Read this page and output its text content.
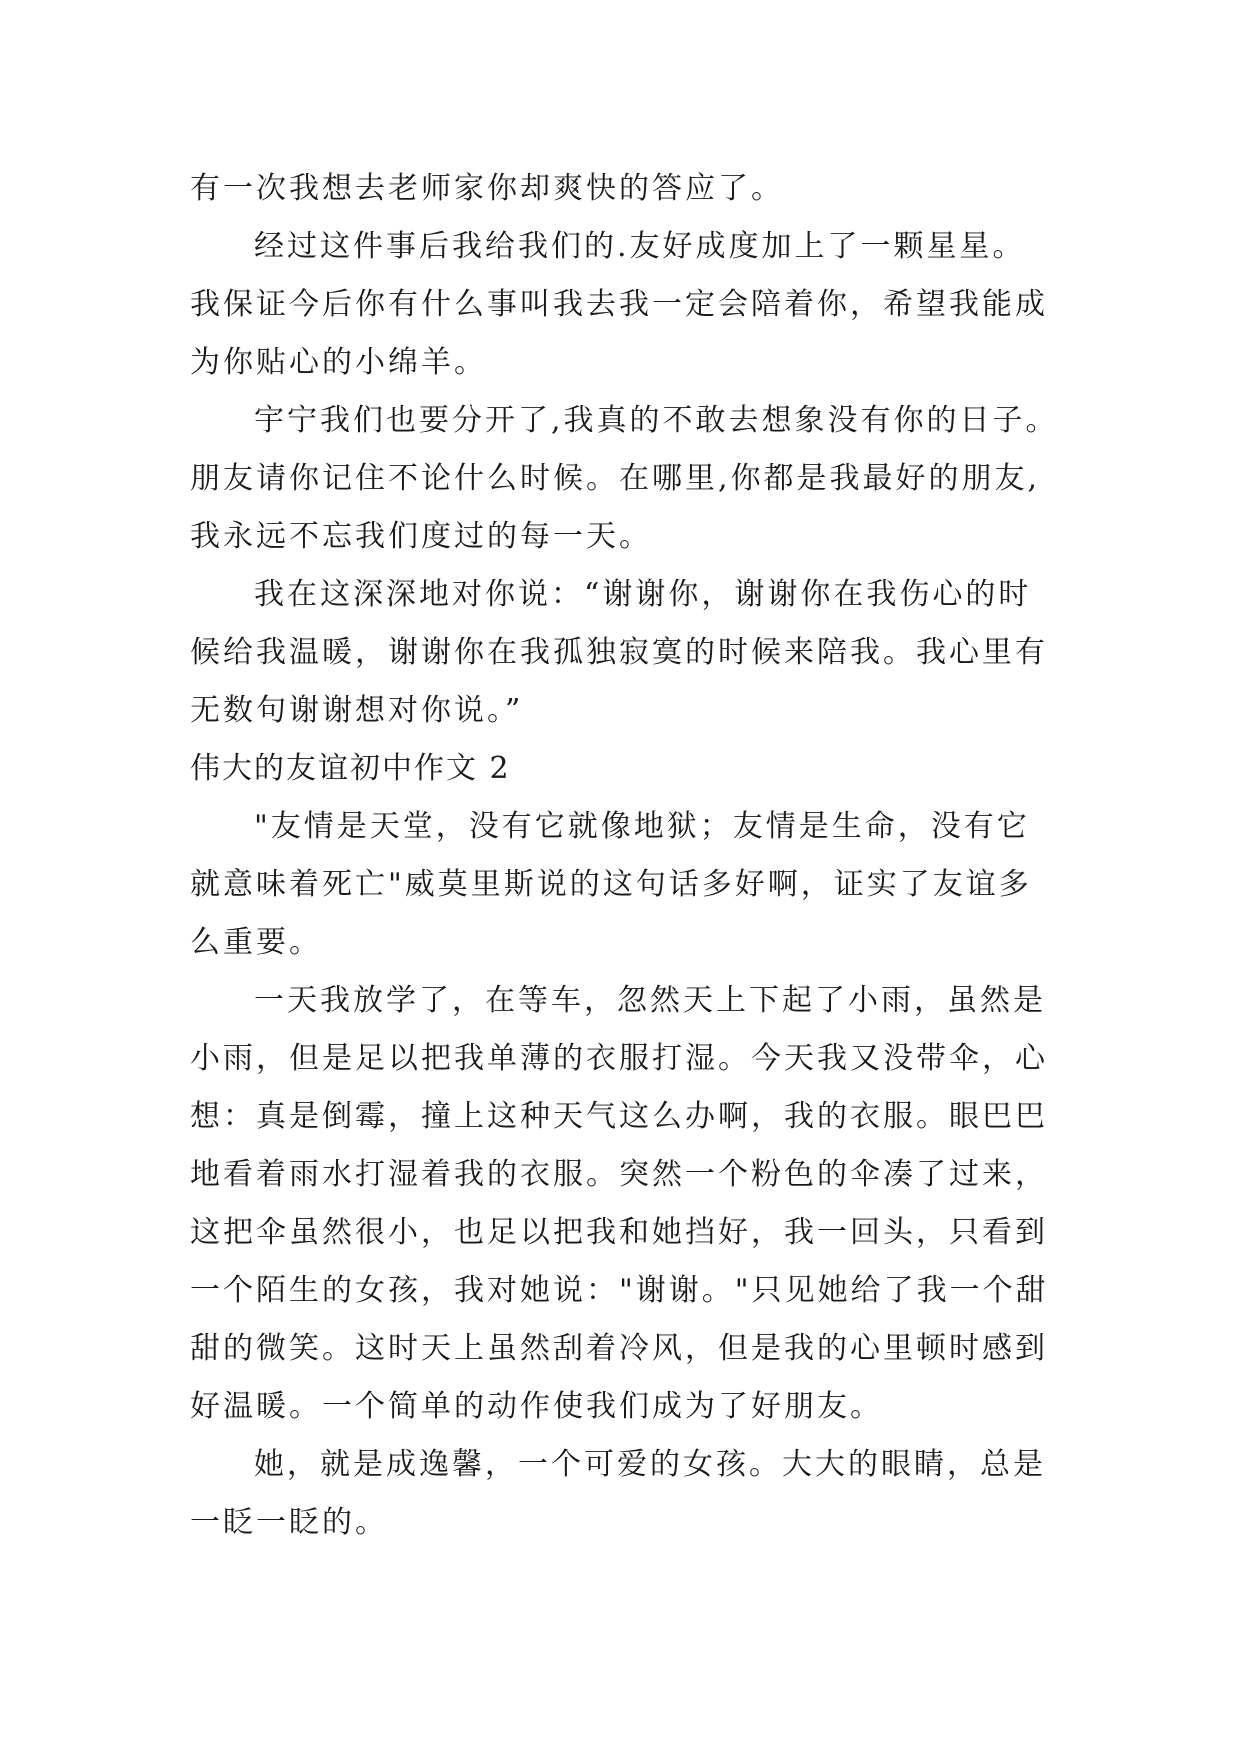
有一次我想去老师家你却爽快的答应了。
经过这件事后我给我们的.友好成度加上了一颗星星。
我保证今后你有什么事叫我去我一定会陪着你，希望我能成
为你贴心的小绵羊。
宇宁我们也要分开了,我真的不敢去想象没有你的日子。
朋友请你记住不论什么时候。在哪里,你都是我最好的朋友,
我永远不忘我们度过的每一天。
我在这深深地对你说：“谢谢你，谢谢你在我伤心的时
候给我温暖，谢谢你在我孤独寂寞的时候来陪我。我心里有
无数句谢谢想对你说。”
伟大的友谊初中作文 2
"友情是天堂，没有它就像地狱；友情是生命，没有它
就意味着死亡"威莫里斯说的这句话多好啊，证实了友谊多
么重要。
一天我放学了，在等车，忽然天上下起了小雨，虽然是
小雨，但是足以把我单薄的衣服打湿。今天我又没带伞，心
想：真是倒霉，撞上这种天气这么办啊，我的衣服。眼巴巴
地看着雨水打湿着我的衣服。突然一个粉色的伞凑了过来，
这把伞虽然很小，也足以把我和她挡好，我一回头，只看到
一个陌生的女孩，我对她说："谢谢。"只见她给了我一个甜
甜的微笑。这时天上虽然刮着冷风，但是我的心里顿时感到
好温暖。一个简单的动作使我们成为了好朋友。
她，就是成逸馨，一个可爱的女孩。大大的眼睛，总是
一眨一眨的。
